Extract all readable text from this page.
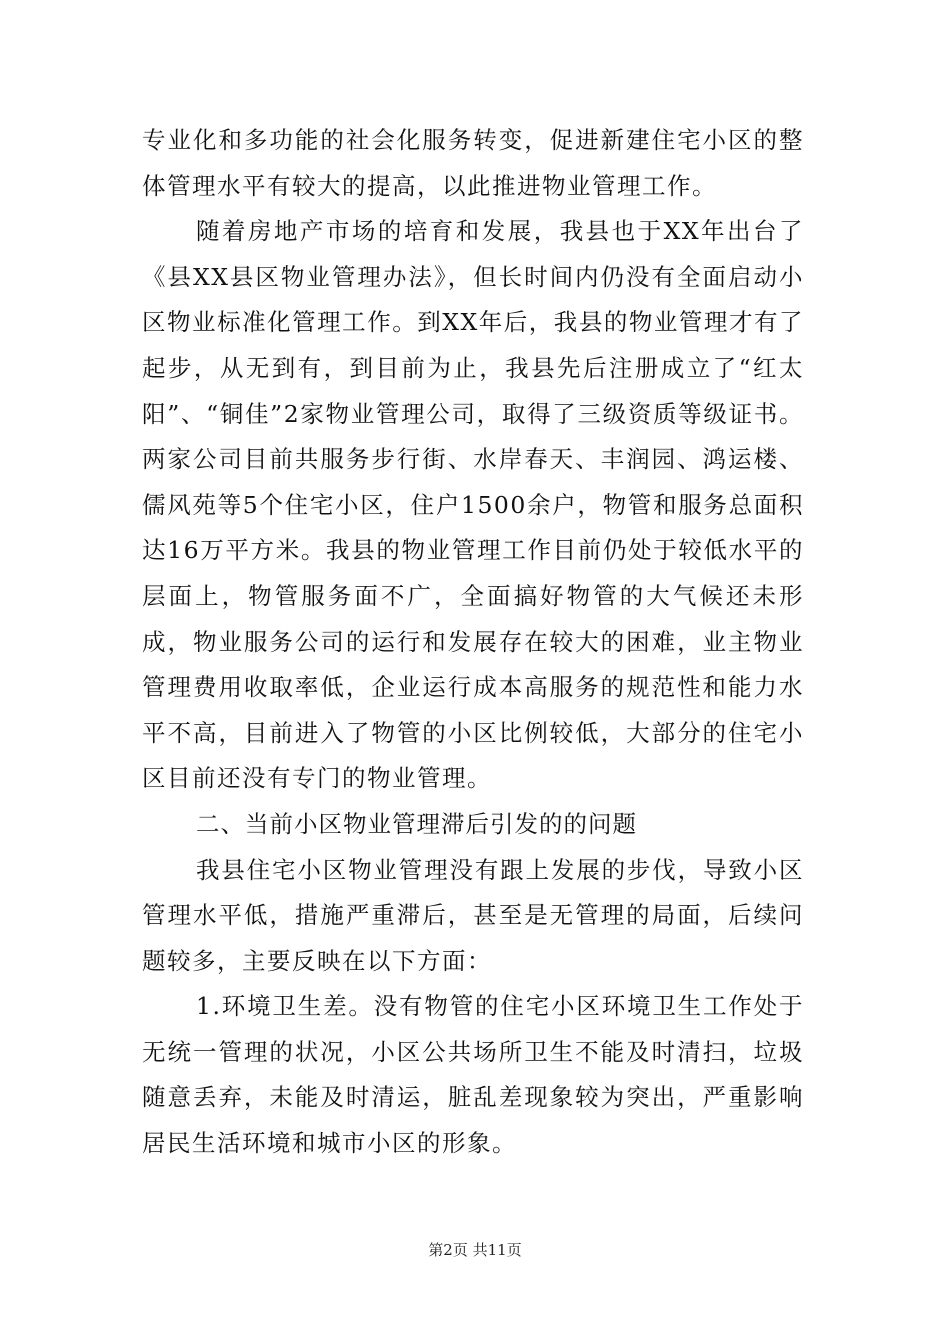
专业化和多功能的社会化服务转变，促进新建住宅小区的整体管理水平有较大的提高，以此推进物业管理工作。

随着房地产市场的培育和发展，我县也于XX年出台了《县XX县区物业管理办法》，但长时间内仍没有全面启动小区物业标准化管理工作。到XX年后，我县的物业管理才有了起步，从无到有，到目前为止，我县先后注册成立了“红太阳”、“铜佳”2家物业管理公司，取得了三级资质等级证书。两家公司目前共服务步行街、水岸春天、丰润园、鸿运楼、儒风苑等5个住宅小区，住户1500余户，物管和服务总面积达16万平方米。我县的物业管理工作目前仍处于较低水平的层面上，物管服务面不广，全面搞好物管的大气候还未形成，物业服务公司的运行和发展存在较大的困难，业主物业管理费用收取率低，企业运行成本高服务的规范性和能力水平不高，目前进入了物管的小区比例较低，大部分的住宅小区目前还没有专门的物业管理。

二、当前小区物业管理滞后引发的的问题

我县住宅小区物业管理没有跟上发展的步伐，导致小区管理水平低，措施严重滞后，甚至是无管理的局面，后续问题较多，主要反映在以下方面：

1.环境卫生差。没有物管的住宅小区环境卫生工作处于无统一管理的状况，小区公共场所卫生不能及时清扫，垃圾随意丢弃，未能及时清运，脏乱差现象较为突出，严重影响居民生活环境和城市小区的形象。

第2页 共11页
